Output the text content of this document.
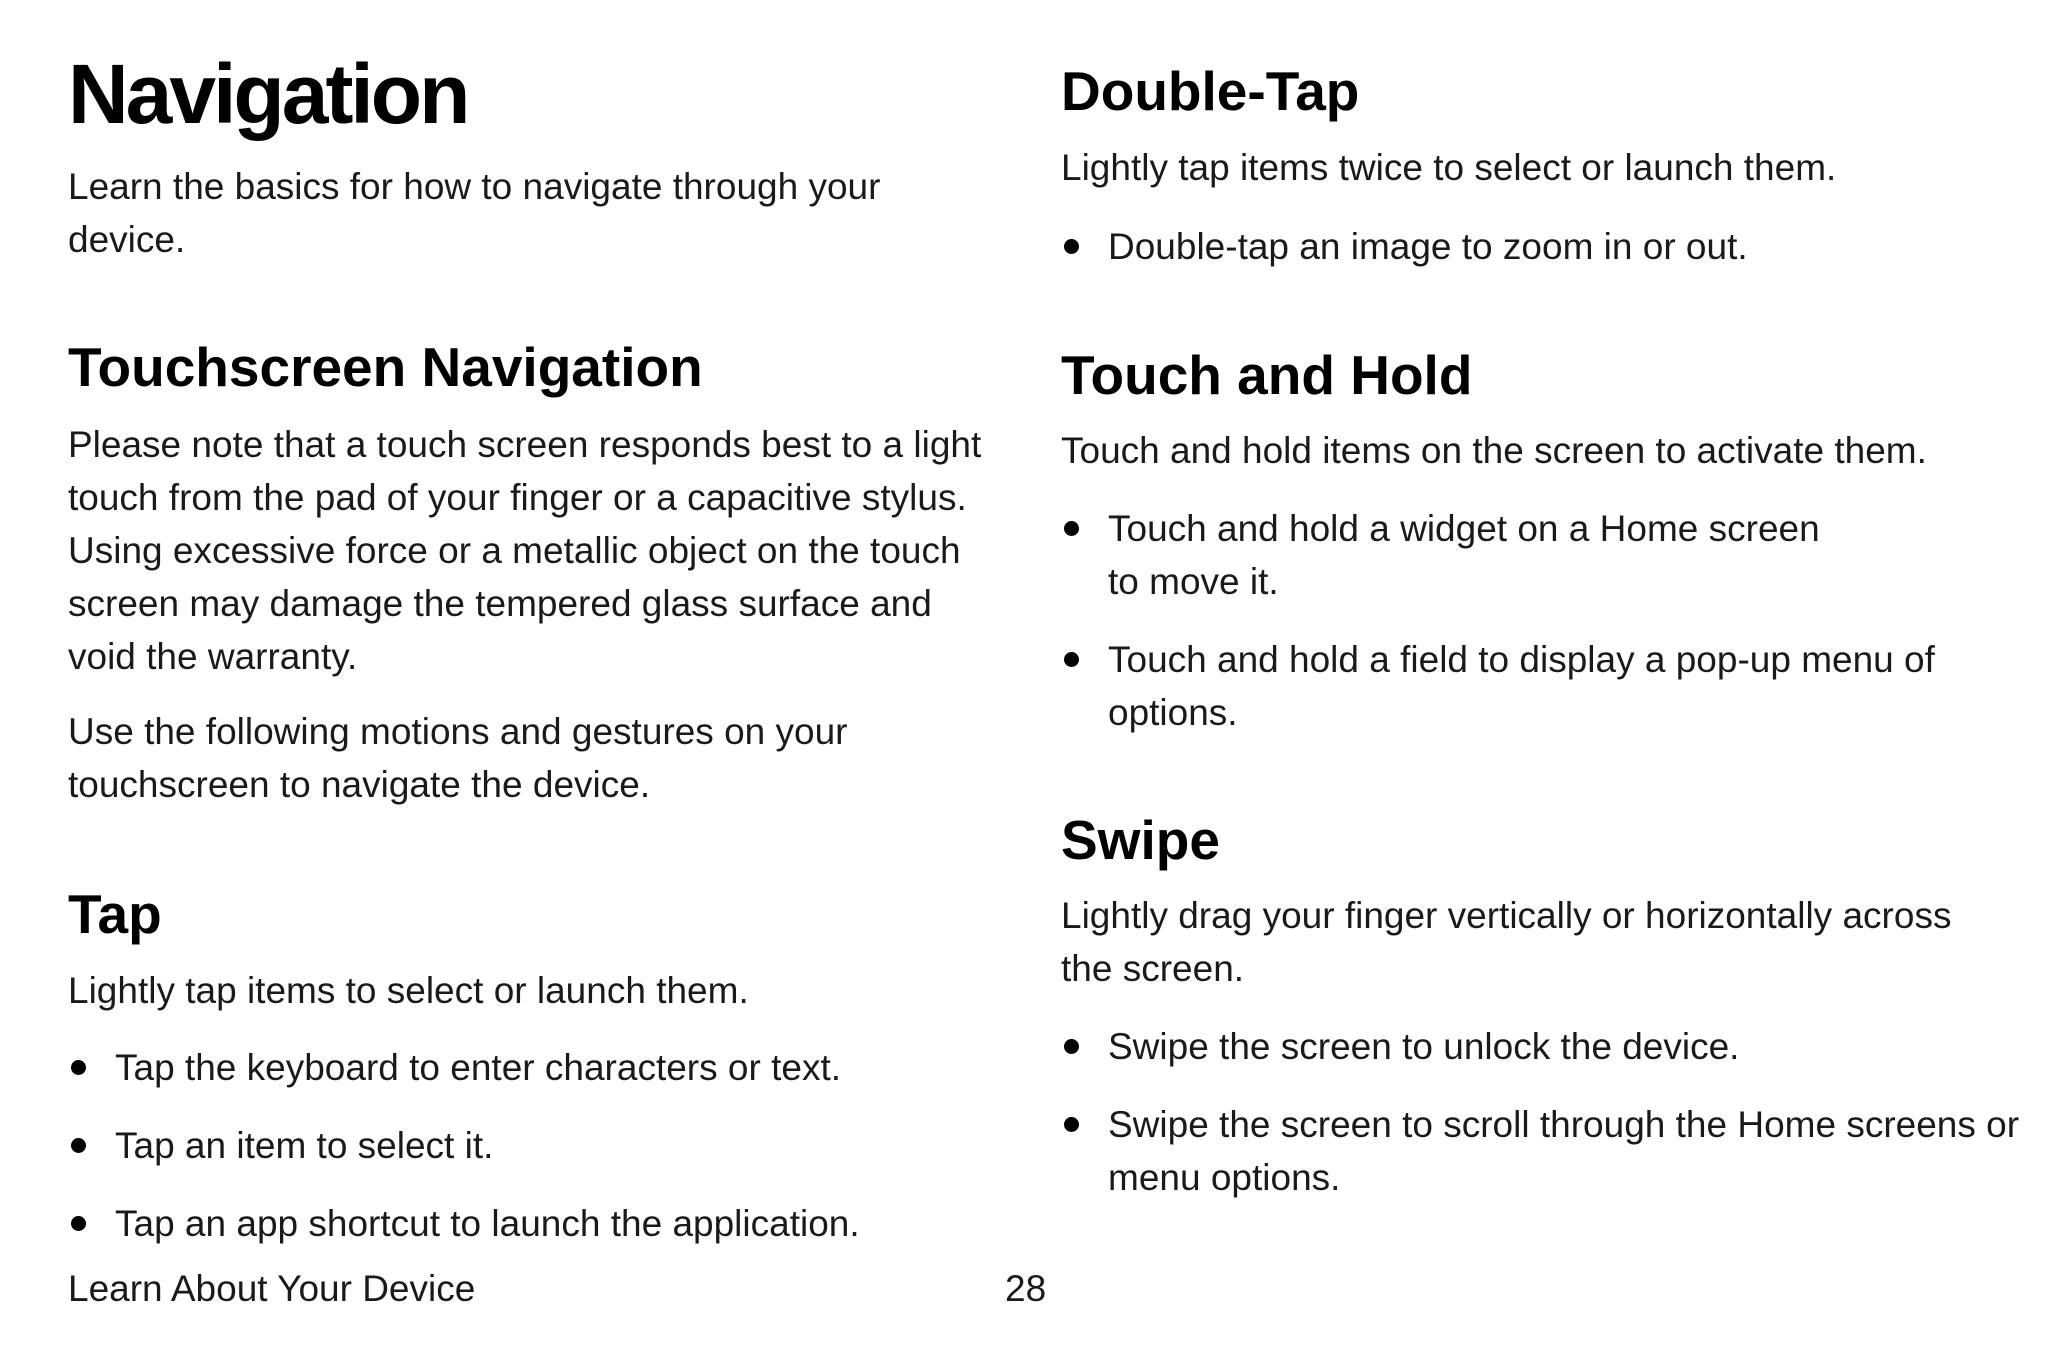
Navigation

Learn the basics for how to navigate through your device.

Touchscreen Navigation

Please note that a touch screen responds best to a light touch from the pad of your finger or a capacitive stylus. Using excessive force or a metallic object on the touch screen may damage the tempered glass surface and void the warranty.

Use the following motions and gestures on your touchscreen to navigate the device.

Tap

Lightly tap items to select or launch them.

Tap the keyboard to enter characters or text.
Tap an item to select it.
Tap an app shortcut to launch the application.
Double-Tap

Lightly tap items twice to select or launch them.

Double-tap an image to zoom in or out.
Touch and Hold

Touch and hold items on the screen to activate them.

Touch and hold a widget on a Home screen to move it.
Touch and hold a field to display a pop-up menu of options.
Swipe

Lightly drag your finger vertically or horizontally across the screen.

Swipe the screen to unlock the device.
Swipe the screen to scroll through the Home screens or menu options.
Learn About Your Device	28
